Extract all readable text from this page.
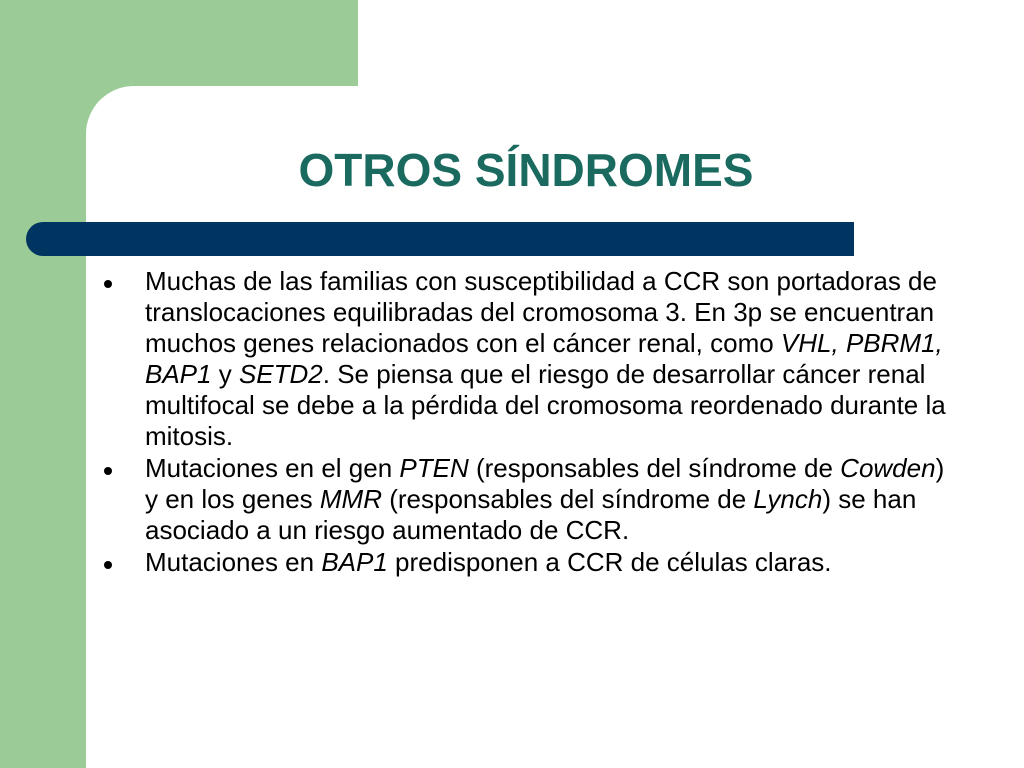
OTROS SÍNDROMES
Muchas de las familias con susceptibilidad a CCR son portadoras de translocaciones equilibradas del cromosoma 3. En 3p se encuentran muchos genes relacionados con el cáncer renal, como VHL, PBRM1, BAP1 y SETD2. Se piensa que el riesgo de desarrollar cáncer renal multifocal se debe a la pérdida del cromosoma reordenado durante la mitosis.
Mutaciones en el gen PTEN (responsables del síndrome de Cowden) y en los genes MMR (responsables del síndrome de Lynch) se han asociado a un riesgo aumentado de CCR.
Mutaciones en BAP1 predisponen a CCR de células claras.
